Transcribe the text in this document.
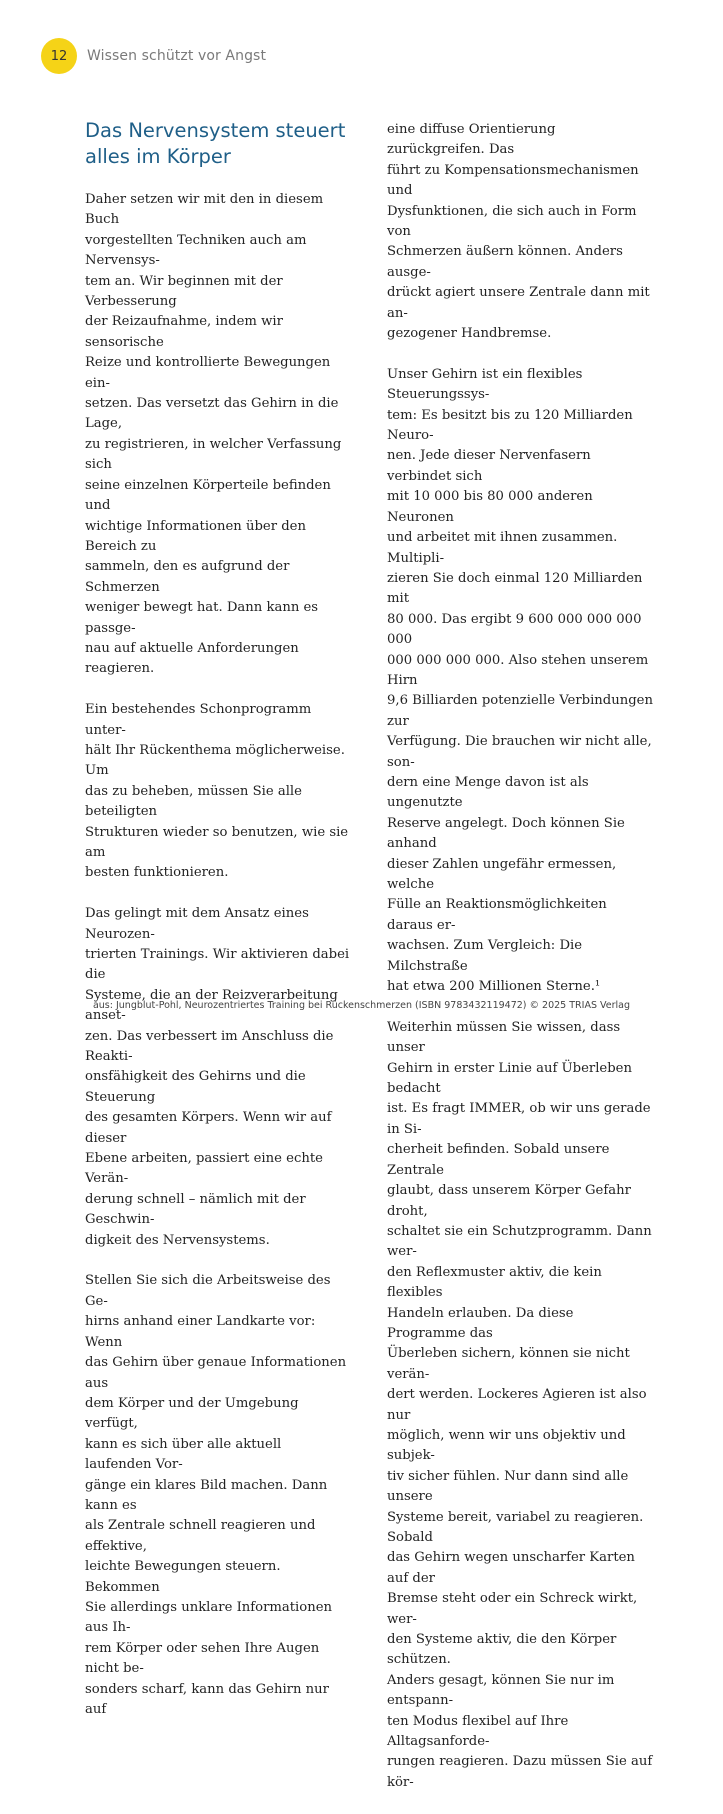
12 Wissen schützt vor Angst
Das Nervensystem steuert
alles im Körper

Daher setzen wir mit den in diesem Buch
vorgestellten Techniken auch am Nervensys-
tem an. Wir beginnen mit der Verbesserung
der Reizaufnahme, indem wir sensorische
Reize und kontrollierte Bewegungen ein-
setzen. Das versetzt das Gehirn in die Lage,
zu registrieren, in welcher Verfassung sich
seine einzelnen Körperteile befinden und
wichtige Informationen über den Bereich zu
sammeln, den es aufgrund der Schmerzen
weniger bewegt hat. Dann kann es passge-
nau auf aktuelle Anforderungen reagieren.

Ein bestehendes Schonprogramm unter-
hält Ihr Rückenthema möglicherweise. Um
das zu beheben, müssen Sie alle beteiligten
Strukturen wieder so benutzen, wie sie am
besten funktionieren.

Das gelingt mit dem Ansatz eines Neurozen-
trierten Trainings. Wir aktivieren dabei die
Systeme, die an der Reizverarbeitung anset-
zen. Das verbessert im Anschluss die Reakti-
onsfähigkeit des Gehirns und die Steuerung
des gesamten Körpers. Wenn wir auf dieser
Ebene arbeiten, passiert eine echte Verän-
derung schnell – nämlich mit der Geschwin-
digkeit des Nervensystems.

Stellen Sie sich die Arbeitsweise des Ge-
hirns anhand einer Landkarte vor: Wenn
das Gehirn über genaue Informationen aus
dem Körper und der Umgebung verfügt,
kann es sich über alle aktuell laufenden Vor-
gänge ein klares Bild machen. Dann kann es
als Zentrale schnell reagieren und effektive,
leichte Bewegungen steuern. Bekommen
Sie allerdings unklare Informationen aus Ih-
rem Körper oder sehen Ihre Augen nicht be-
sonders scharf, kann das Gehirn nur auf

eine diffuse Orientierung zurückgreifen. Das
führt zu Kompensationsmechanismen und
Dysfunktionen, die sich auch in Form von
Schmerzen äußern können. Anders ausge-
drückt agiert unsere Zentrale dann mit an-
gezogener Handbremse.

Unser Gehirn ist ein flexibles Steuerungssys-
tem: Es besitzt bis zu 120 Milliarden Neuro-
nen. Jede dieser Nervenfasern verbindet sich
mit 10 000 bis 80 000 anderen Neuronen
und arbeitet mit ihnen zusammen. Multipli-
zieren Sie doch einmal 120 Milliarden mit
80 000. Das ergibt 9 600 000 000 000 000
000 000 000 000. Also stehen unserem Hirn
9,6 Billiarden potenzielle Verbindungen zur
Verfügung. Die brauchen wir nicht alle, son-
dern eine Menge davon ist als ungenutzte
Reserve angelegt. Doch können Sie anhand
dieser Zahlen ungefähr ermessen, welche
Fülle an Reaktionsmöglichkeiten daraus er-
wachsen. Zum Vergleich: Die Milchstraße
hat etwa 200 Millionen Sterne.¹

Weiterhin müssen Sie wissen, dass unser
Gehirn in erster Linie auf Überleben bedacht
ist. Es fragt IMMER, ob wir uns gerade in Si-
cherheit befinden. Sobald unsere Zentrale
glaubt, dass unserem Körper Gefahr droht,
schaltet sie ein Schutzprogramm. Dann wer-
den Reflexmuster aktiv, die kein flexibles
Handeln erlauben. Da diese Programme das
Überleben sichern, können sie nicht verän-
dert werden. Lockeres Agieren ist also nur
möglich, wenn wir uns objektiv und subjek-
tiv sicher fühlen. Nur dann sind alle unsere
Systeme bereit, variabel zu reagieren. Sobald
das Gehirn wegen unscharfer Karten auf der
Bremse steht oder ein Schreck wirkt, wer-
den Systeme aktiv, die den Körper schützen.
Anders gesagt, können Sie nur im entspann-
ten Modus flexibel auf Ihre Alltagsanforde-
rungen reagieren. Dazu müssen Sie auf kör-

aus: Jungblut-Pohl, Neurozentriertes Training bei Rückenschmerzen (ISBN 9783432119472) © 2025 TRIAS Verlag
